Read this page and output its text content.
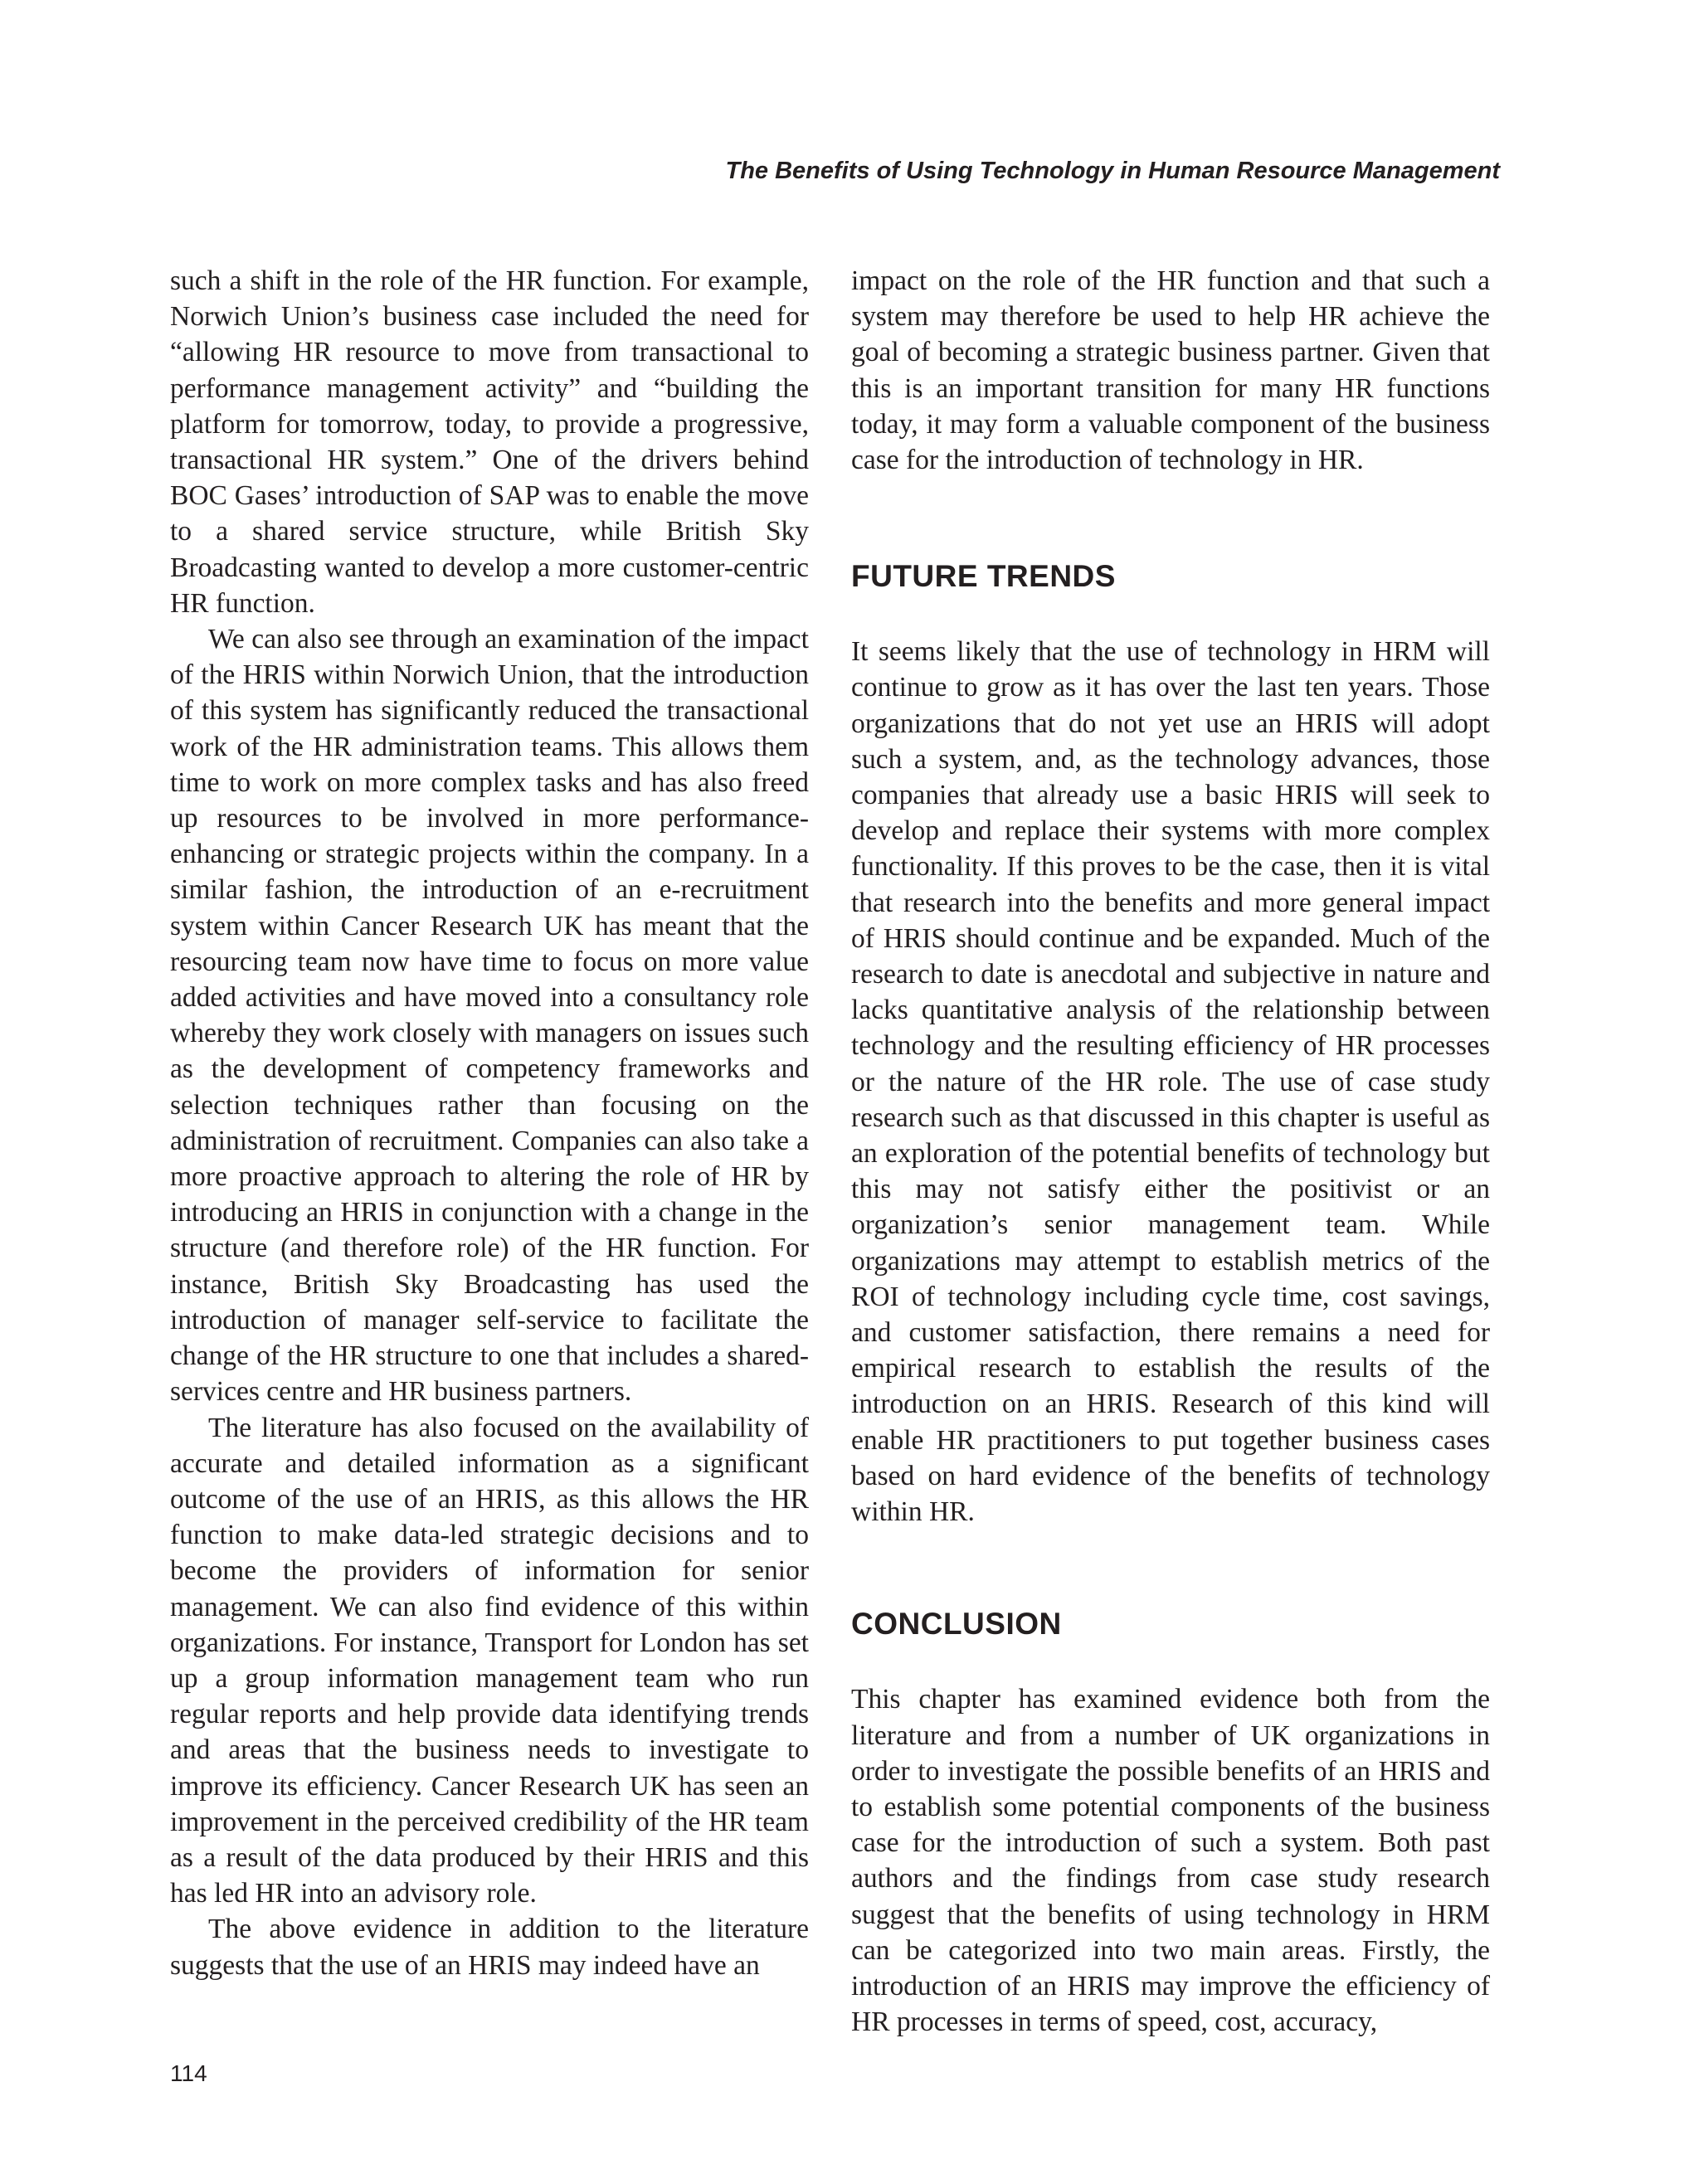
The Benefits of Using Technology in Human Resource Management

such a shift in the role of the HR function. For example, Norwich Union’s business case included the need for “allowing HR resource to move from transactional to performance management activity” and “building the platform for tomorrow, today, to provide a progressive, transactional HR system.” One of the drivers behind BOC Gases’ introduction of SAP was to enable the move to a shared service structure, while British Sky Broadcasting wanted to develop a more customer-centric HR function.

We can also see through an examination of the impact of the HRIS within Norwich Union, that the introduction of this system has significantly reduced the transactional work of the HR administration teams. This allows them time to work on more complex tasks and has also freed up resources to be involved in more performance-enhancing or strategic projects within the company. In a similar fashion, the introduction of an e-recruitment system within Cancer Research UK has meant that the resourcing team now have time to focus on more value added activities and have moved into a consultancy role whereby they work closely with managers on issues such as the development of competency frameworks and selection techniques rather than focusing on the administration of recruitment. Companies can also take a more proactive approach to altering the role of HR by introducing an HRIS in conjunction with a change in the structure (and therefore role) of the HR function. For instance, British Sky Broadcasting has used the introduction of manager self-service to facilitate the change of the HR structure to one that includes a shared-services centre and HR business partners.

The literature has also focused on the availability of accurate and detailed information as a significant outcome of the use of an HRIS, as this allows the HR function to make data-led strategic decisions and to become the providers of information for senior management. We can also find evidence of this within organizations. For instance, Transport for London has set up a group information management team who run regular reports and help provide data identifying trends and areas that the business needs to investigate to improve its efficiency. Cancer Research UK has seen an improvement in the perceived credibility of the HR team as a result of the data produced by their HRIS and this has led HR into an advisory role.

The above evidence in addition to the literature suggests that the use of an HRIS may indeed have an

impact on the role of the HR function and that such a system may therefore be used to help HR achieve the goal of becoming a strategic business partner. Given that this is an important transition for many HR functions today, it may form a valuable component of the business case for the introduction of technology in HR.

FUTURE TRENDS

It seems likely that the use of technology in HRM will continue to grow as it has over the last ten years. Those organizations that do not yet use an HRIS will adopt such a system, and, as the technology advances, those companies that already use a basic HRIS will seek to develop and replace their systems with more complex functionality. If this proves to be the case, then it is vital that research into the benefits and more general impact of HRIS should continue and be expanded. Much of the research to date is anecdotal and subjective in nature and lacks quantitative analysis of the relationship between technology and the resulting efficiency of HR processes or the nature of the HR role. The use of case study research such as that discussed in this chapter is useful as an exploration of the potential benefits of technology but this may not satisfy either the positivist or an organization’s senior management team. While organizations may attempt to establish metrics of the ROI of technology including cycle time, cost savings, and customer satisfaction, there remains a need for empirical research to establish the results of the introduction on an HRIS. Research of this kind will enable HR practitioners to put together business cases based on hard evidence of the benefits of technology within HR.

CONCLUSION

This chapter has examined evidence both from the literature and from a number of UK organizations in order to investigate the possible benefits of an HRIS and to establish some potential components of the business case for the introduction of such a system. Both past authors and the findings from case study research suggest that the benefits of using technology in HRM can be categorized into two main areas. Firstly, the introduction of an HRIS may improve the efficiency of HR processes in terms of speed, cost, accuracy,

114
